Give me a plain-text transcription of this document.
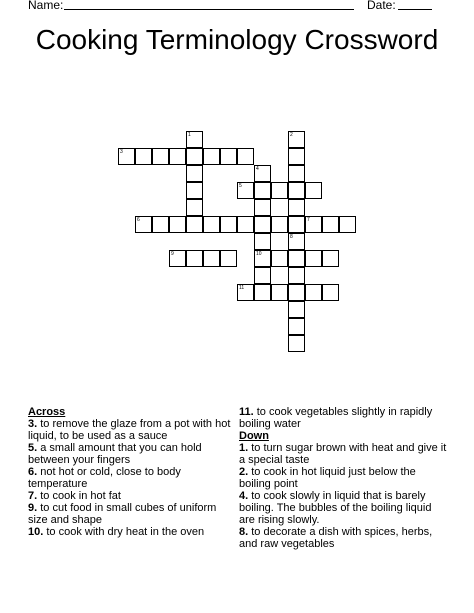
Name:	Date:
Cooking Terminology Crossword
1	2
8
3
4
10
5
6	7
9
11
Across
3. to remove the glaze from a pot with hot liquid, to be used as a sauce
5. a small amount that you can hold between your fingers
6. not hot or cold, close to body temperature
7. to cook in hot fat
9. to cut food in small cubes of uniform size and shape
10. to cook with dry heat in the oven
11. to cook vegetables slightly in rapidly boiling water
Down
1. to turn sugar brown with heat and give it a special taste
2. to cook in hot liquid just below the boiling point
4. to cook slowly in liquid that is barely boiling. The bubbles of the boiling liquid are rising slowly.
8. to decorate a dish with spices, herbs, and raw vegetables
